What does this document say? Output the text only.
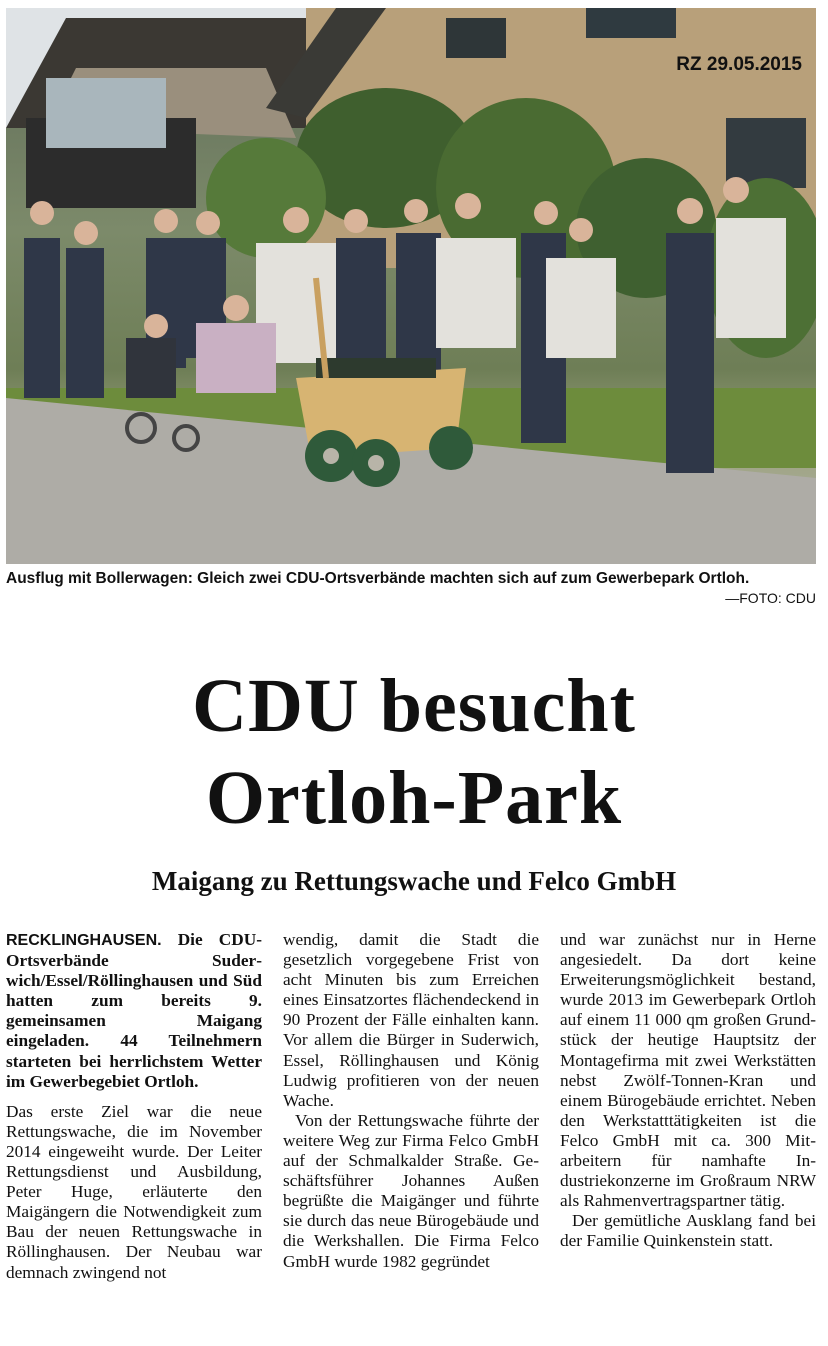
RZ 29.05.2015
Ausflug mit Bollerwagen: Gleich zwei CDU-Ortsverbände machten sich auf zum Gewerbepark Ortloh.
—FOTO: CDU
CDU besucht
Ortloh-Park
Maigang zu Rettungswache und Felco GmbH

RECKLINGHAUSEN. Die CDU-Ortsverbände Suderwich/Essel/Röllinghausen und Süd hatten zum bereits 9. gemeinsamen Maigang eingeladen. 44 Teilnehmern starteten bei herrlichstem Wetter im Gewerbegebiet Ortloh.

Das erste Ziel war die neue Rettungswache, die im November 2014 eingeweiht wurde. Der Leiter Rettungsdienst und Ausbildung, Peter Huge, erläuterte den Maigängern die Notwendigkeit zum Bau der neuen Rettungswache in Röllinghausen. Der Neubau war demnach zwingend not

wendig, damit die Stadt die gesetzlich vorgegebene Frist von acht Minuten bis zum Erreichen eines Einsatzortes flächendeckend in 90 Prozent der Fälle einhalten kann. Vor allem die Bürger in Suderwich, Essel, Röllinghausen und König Ludwig profitieren von der neuen Wache.

Von der Rettungswache führte der weitere Weg zur Firma Felco GmbH auf der Schmalkalder Straße. Geschäftsführer Johannes Außen begrüßte die Maigänger und führte sie durch das neue Bürogebäude und die Werkshallen. Die Firma Felco GmbH wurde 1982 gegründet

und war zunächst nur in Herne angesiedelt. Da dort keine Erweiterungsmöglichkeit bestand, wurde 2013 im Gewerbepark Ortloh auf einem 11 000 qm großen Grundstück der heutige Hauptsitz der Montagefirma mit zwei Werkstätten nebst Zwölf-Tonnen-Kran und einem Bürogebäude errichtet. Neben den Werkstatttätigkeiten ist die Felco GmbH mit ca. 300 Mitarbeitern für namhafte Industriekonzerne im Großraum NRW als Rahmenvertragspartner tätig.

Der gemütliche Ausklang fand bei der Familie Quinkenstein statt.
